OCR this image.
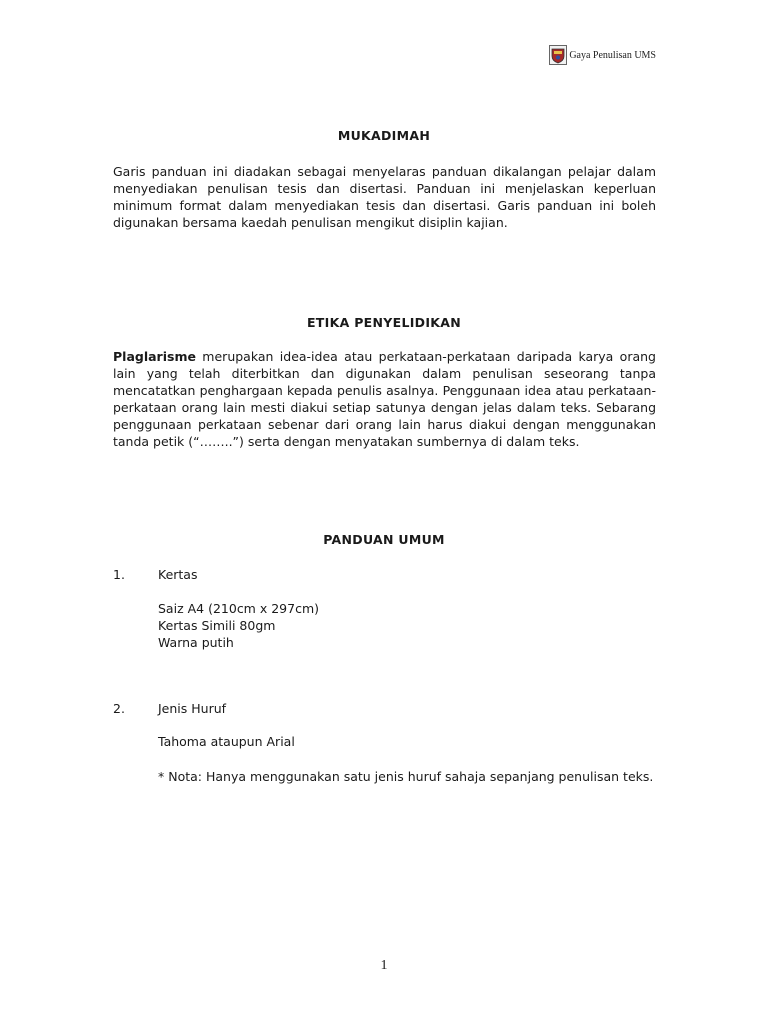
Gaya Penulisan UMS
MUKADIMAH

Garis panduan ini diadakan sebagai menyelaras panduan dikalangan pelajar dalam menyediakan penulisan tesis dan disertasi. Panduan ini menjelaskan keperluan minimum format dalam menyediakan tesis dan disertasi. Garis panduan ini boleh digunakan bersama kaedah penulisan mengikut disiplin kajian.

ETIKA PENYELIDIKAN

Plaglarisme merupakan idea-idea atau perkataan-perkataan daripada karya orang lain yang telah diterbitkan dan digunakan dalam penulisan seseorang tanpa mencatatkan penghargaan kepada penulis asalnya. Penggunaan idea atau perkataan-perkataan orang lain mesti diakui setiap satunya dengan jelas dalam teks. Sebarang penggunaan perkataan sebenar dari orang lain harus diakui dengan menggunakan tanda petik (“……..”) serta dengan menyatakan sumbernya di dalam teks.

PANDUAN UMUM
1.	Kertas
Saiz A4 (210cm x 297cm)
Kertas Simili 80gm
Warna putih
2.	Jenis Huruf
Tahoma ataupun Arial

* Nota: Hanya menggunakan satu jenis huruf sahaja sepanjang penulisan teks.

1
